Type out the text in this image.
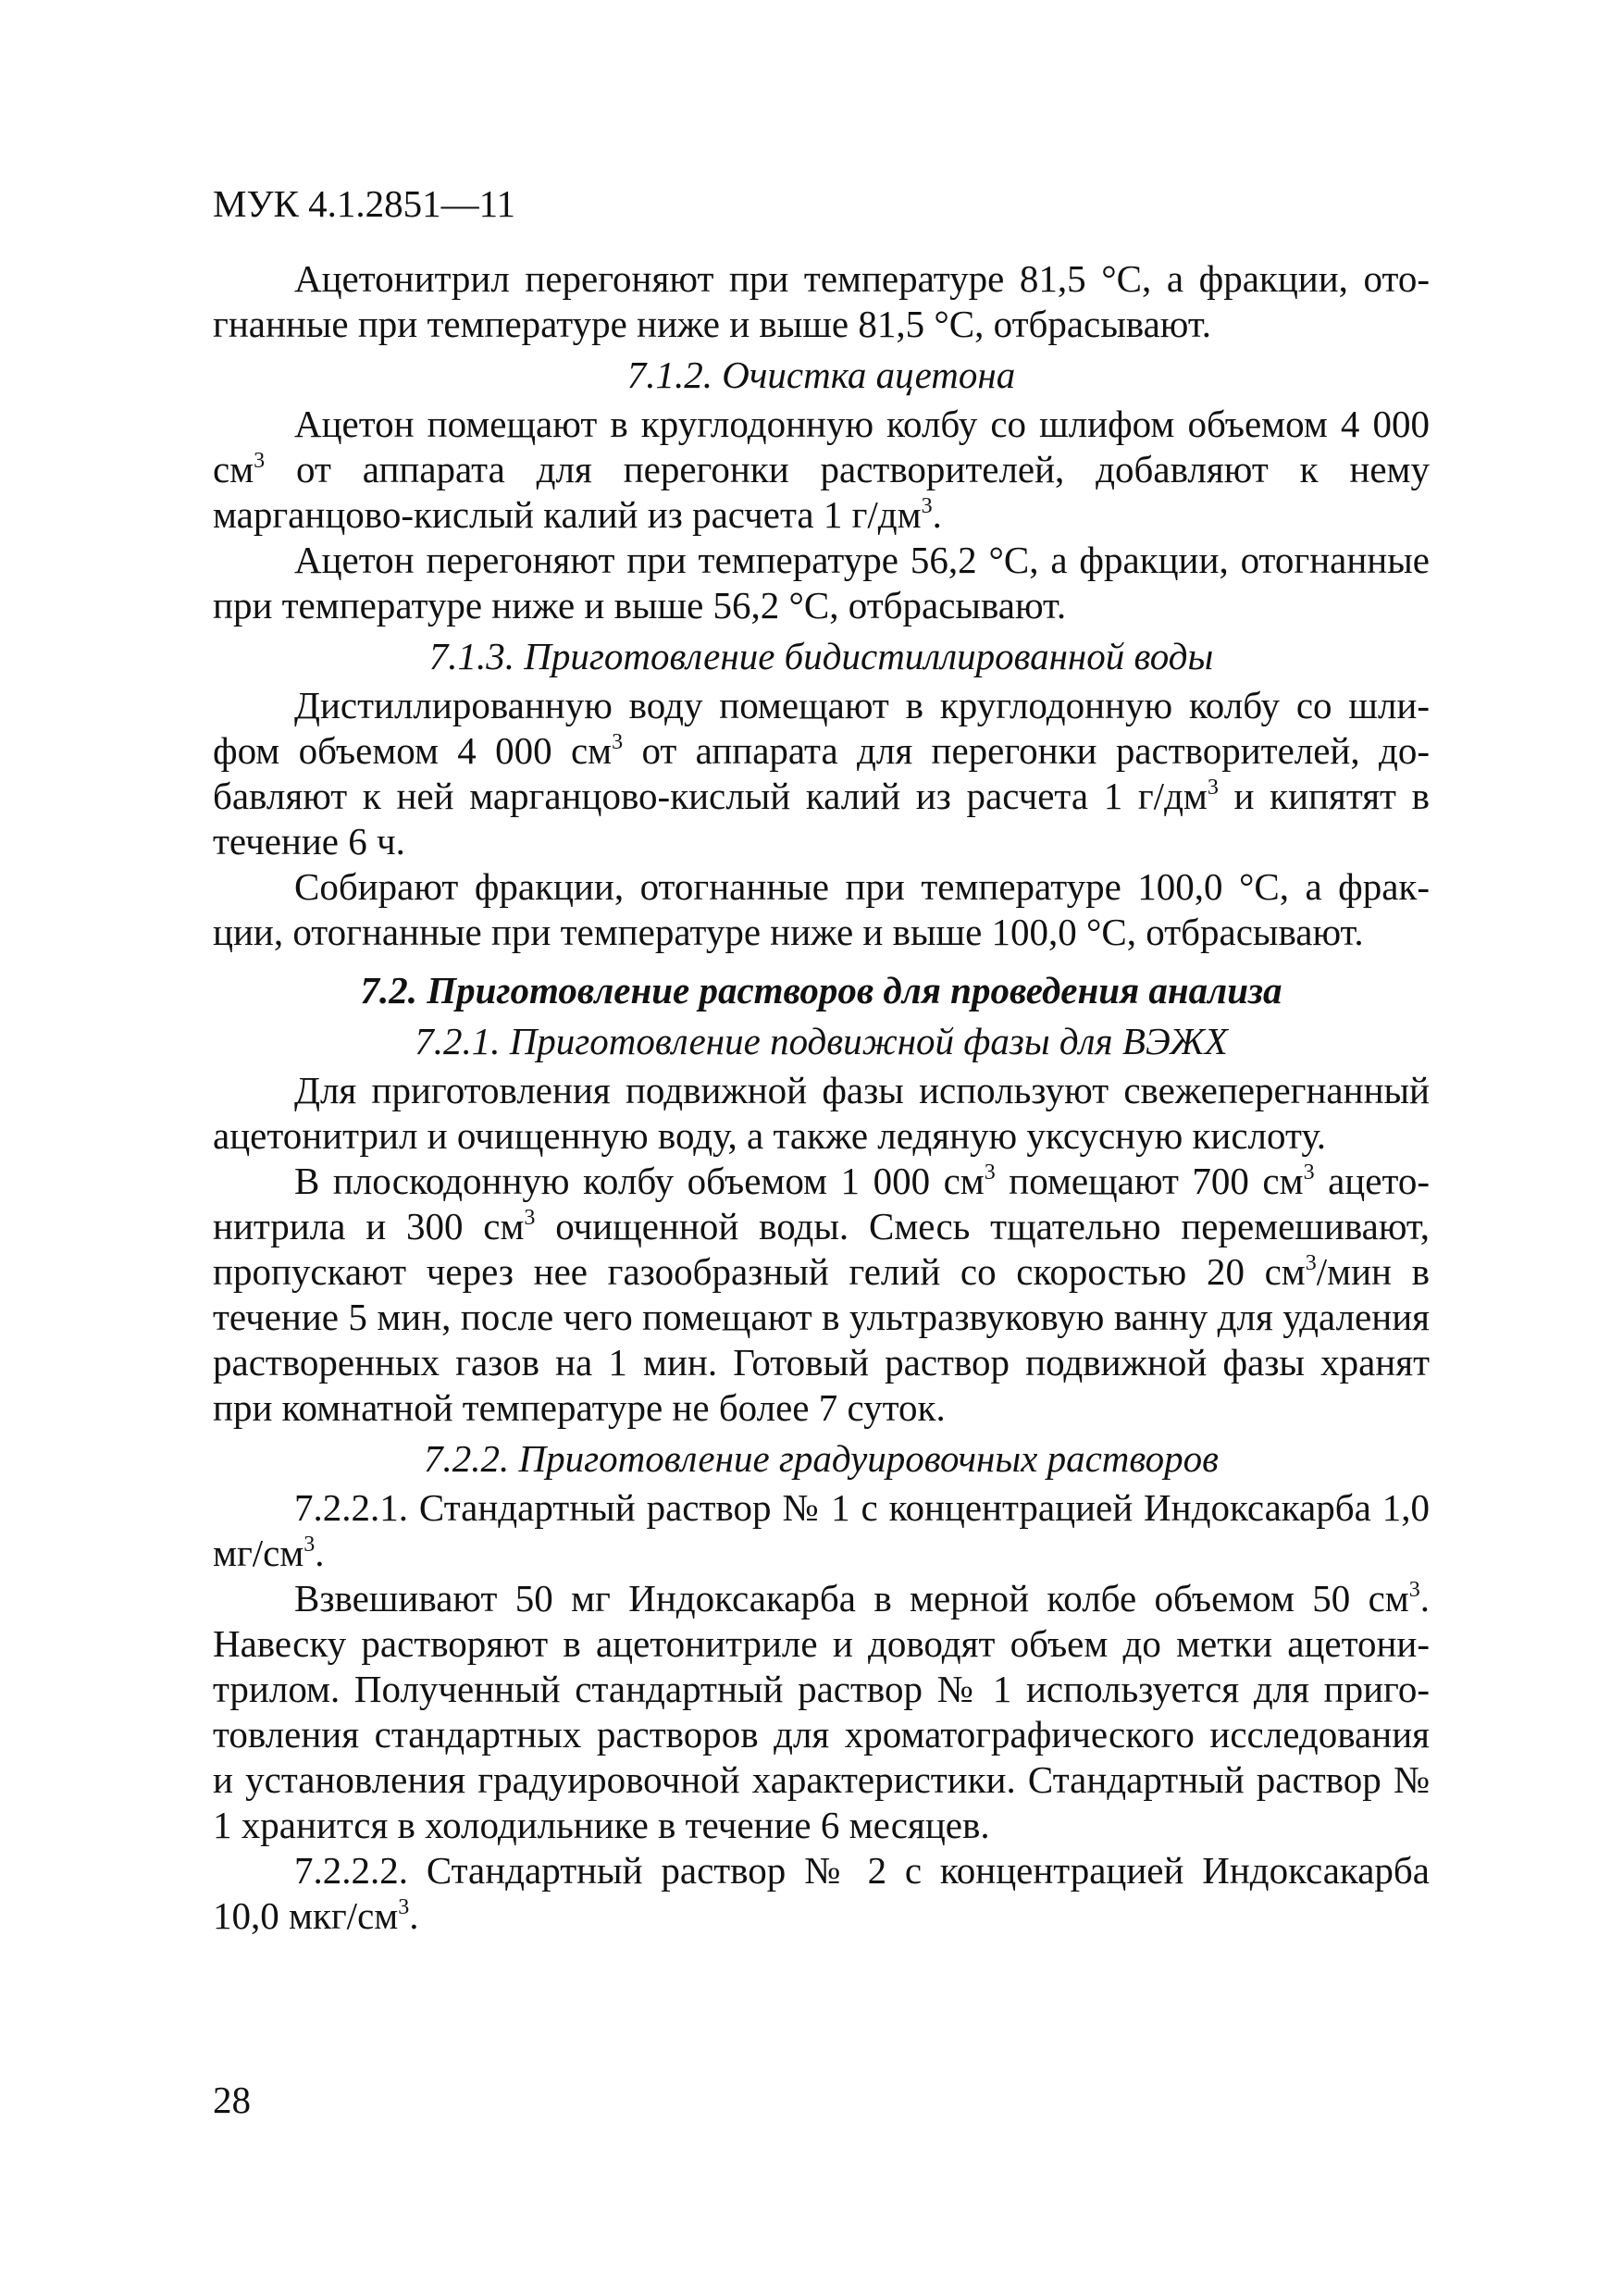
МУК 4.1.2851—11

Ацетонитрил перегоняют при температуре 81,5 °С, а фракции, отогнанные при температуре ниже и выше 81,5 °С, отбрасывают.

7.1.2. Очистка ацетона

Ацетон помещают в круглодонную колбу со шлифом объемом 4 000 $см^3$ от аппарата для перегонки растворителей, добавляют к нему марганцово-кислый калий из расчета 1 $г/дм^3$.

Ацетон перегоняют при температуре 56,2 °С, а фракции, отогнанные при температуре ниже и выше 56,2 °С, отбрасывают.

7.1.3. Приготовление бидистиллированной воды

Дистиллированную воду помещают в круглодонную колбу со шлифом объемом 4 000 $см^3$ от аппарата для перегонки растворителей, добавляют к ней марганцово-кислый калий из расчета 1 $г/дм^3$ и кипятят в течение 6 ч.

Собирают фракции, отогнанные при температуре 100,0 °С, а фракции, отогнанные при температуре ниже и выше 100,0 °С, отбрасывают.

7.2. Приготовление растворов для проведения анализа

7.2.1. Приготовление подвижной фазы для ВЭЖХ

Для приготовления подвижной фазы используют свежеперегнанный ацетонитрил и очищенную воду, а также ледяную уксусную кислоту.

В плоскодонную колбу объемом 1 000 $см^3$ помещают 700 $см^3$ ацетонитрила и 300 $см^3$ очищенной воды. Смесь тщательно перемешивают, пропускают через нее газообразный гелий со скоростью 20 $см^3$/мин в течение 5 мин, после чего помещают в ультразвуковую ванну для удаления растворенных газов на 1 мин. Готовый раствор подвижной фазы хранят при комнатной температуре не более 7 суток.

7.2.2. Приготовление градуировочных растворов

7.2.2.1. Стандартный раствор № 1 с концентрацией Индоксакарба 1,0 $мг/см^3$.

Взвешивают 50 мг Индоксакарба в мерной колбе объемом 50 $см^3$. Навеску растворяют в ацетонитриле и доводят объем до метки ацетонитрилом. Полученный стандартный раствор № 1 используется для приготовления стандартных растворов для хроматографического исследования и установления градуировочной характеристики. Стандартный раствор № 1 хранится в холодильнике в течение 6 месяцев.

7.2.2.2. Стандартный раствор № 2 с концентрацией Индоксакарба 10,0 мкг/$см^3$.

28
